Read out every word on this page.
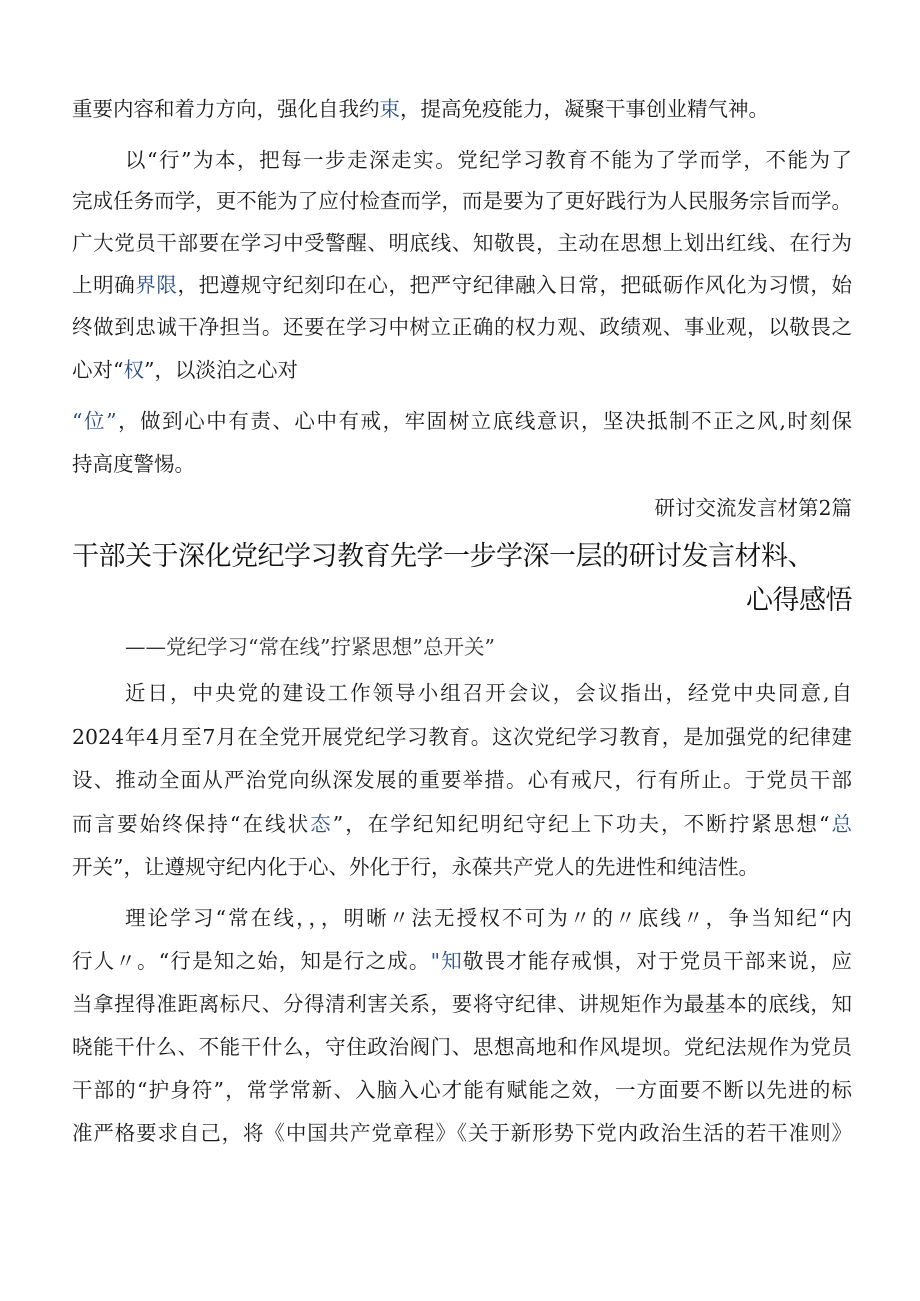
重要内容和着力方向，强化自我约束，提高免疫能力，凝聚干事创业精气神。
以“行”为本，把每一步走深走实。党纪学习教育不能为了学而学，不能为了
完成任务而学，更不能为了应付检查而学，而是要为了更好践行为人民服务宗旨而学。
广大党员干部要在学习中受警醒、明底线、知敬畏，主动在思想上划出红线、在行为
上明确界限，把遵规守纪刻印在心，把严守纪律融入日常，把砥砺作风化为习惯，始
终做到忠诚干净担当。还要在学习中树立正确的权力观、政绩观、事业观，以敬畏之
心对“权”，以淡泊之心对
“位”，做到心中有责、心中有戒，牢固树立底线意识，坚决抵制不正之风,时刻保
持高度警惕。
研讨交流发言材第2篇
干部关于深化党纪学习教育先学一步学深一层的研讨发言材料、
心得感悟
——党纪学习“常在线”拧紧思想”总开关”
近日，中央党的建设工作领导小组召开会议，会议指出，经党中央同意,自
2024年4月至7月在全党开展党纪学习教育。这次党纪学习教育，是加强党的纪律建
设、推动全面从严治党向纵深发展的重要举措。心有戒尺，行有所止。于党员干部
而言要始终保持“在线状态”，在学纪知纪明纪守纪上下功夫，不断拧紧思想“总
开关”，让遵规守纪内化于心、外化于行，永葆共产党人的先进性和纯洁性。
理论学习“常在线，，，明晰〃法无授权不可为〃的〃底线〃，争当知纪“内
行人〃。“行是知之始，知是行之成。"知敬畏才能存戒惧，对于党员干部来说，应
当拿捏得准距离标尺、分得清利害关系，要将守纪律、讲规矩作为最基本的底线，知
晓能干什么、不能干什么，守住政治阀门、思想高地和作风堤坝。党纪法规作为党员
干部的“护身符”，常学常新、入脑入心才能有赋能之效，一方面要不断以先进的标
准严格要求自己，将《中国共产党章程》《关于新形势下党内政治生活的若干准则》
